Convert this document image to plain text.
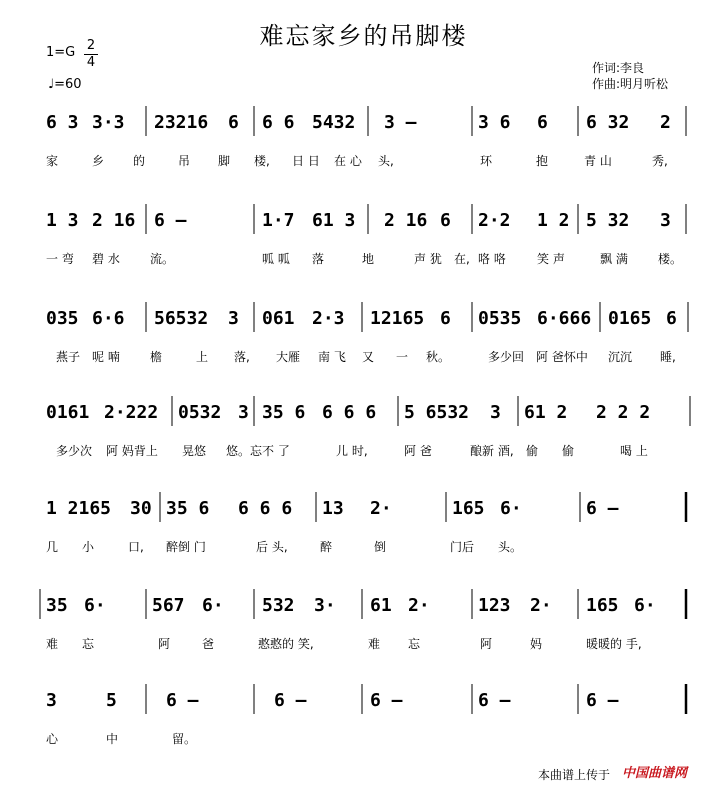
难忘家乡的吊脚楼
1=G 2
4
♩=60
作词:李良
作曲:明月听松
6 3 3·3 23216 6 6 6 5432 3 –	3 6 6 6 32 2
家	乡 的	吊 脚 楼, 日 日 在 心 头,	环	抱	青 山	秀,
1 3 2 16 6 –	1·7 61 3 2 16 6 2·2 1 2 5 32 3
一 弯 碧 水	流。	呱 呱 落	地	声 犹 在, 咯 咯	笑 声	飘 满	楼。
035 6·6 56532 3 061 2·3 12165 6 0535 6·666 0165 6
燕子 呢 喃	檐	上 落, 大雁 南 飞 又 一 秋。	多少回 阿 爸怀中 沉沉 睡,
0161 2·222 0532 3 35 6 6 6 6 5 6532 3 61 2 2 2 2
多少次 阿 妈背上 晃悠 悠。忘不 了	儿 时,	阿 爸	酿新 酒, 偷 偷	喝 上
1 2165 30 35 6 6 6 6 13 2·	165 6·	6 –
几 小	口, 醉倒 门	后 头,	醉	倒	门后 头。
35 6·	567 6· 532 3· 61 2·	123 2· 165 6·
难 忘	阿	爸	憨憨的 笑,	难 忘	阿	妈	暖暖的 手,
3	5	6 –	6 –	6 –	6 –	6 –
心	中	留。
本曲谱上传于 中国曲谱网
